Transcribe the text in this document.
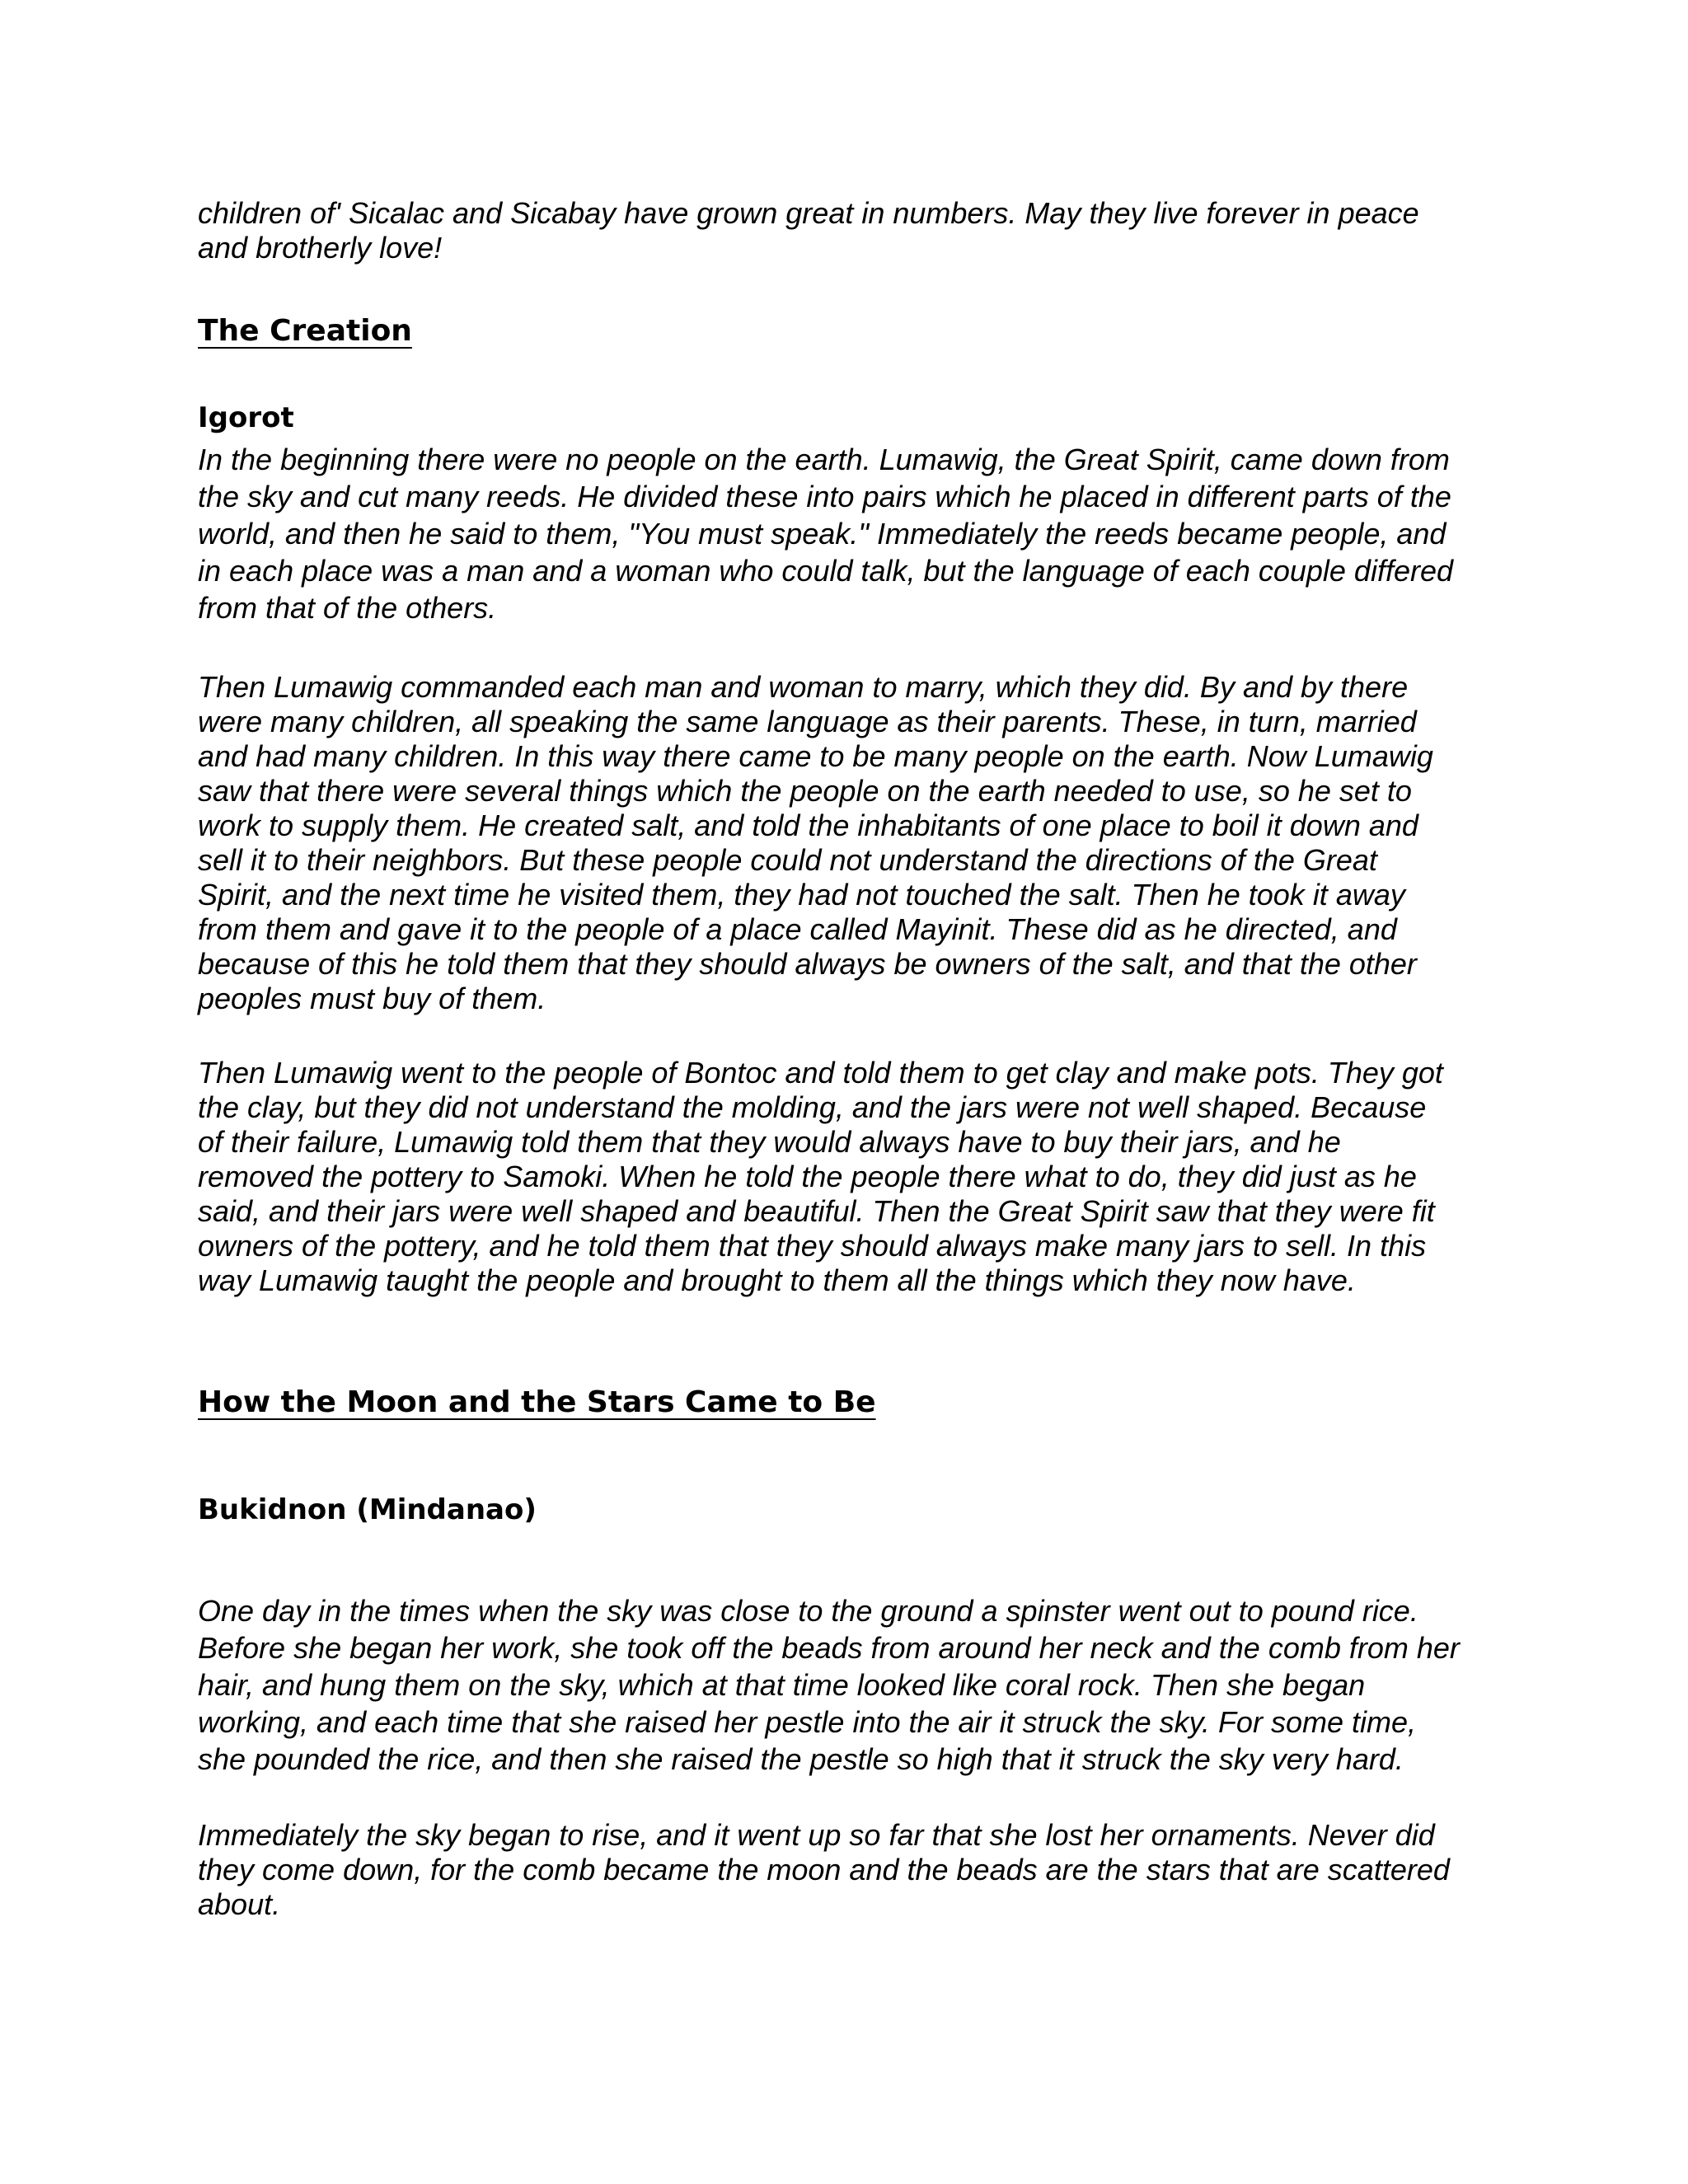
children of' Sicalac and Sicabay have grown great in numbers. May they live forever in peace
and brotherly love!

The Creation
Igorot

In the beginning there were no people on the earth. Lumawig, the Great Spirit, came down from
the sky and cut many reeds. He divided these into pairs which he placed in different parts of the
world, and then he said to them, "You must speak." Immediately the reeds became people, and
in each place was a man and a woman who could talk, but the language of each couple differed
from that of the others.

Then Lumawig commanded each man and woman to marry, which they did. By and by there
were many children, all speaking the same language as their parents. These, in turn, married
and had many children. In this way there came to be many people on the earth. Now Lumawig
saw that there were several things which the people on the earth needed to use, so he set to
work to supply them. He created salt, and told the inhabitants of one place to boil it down and
sell it to their neighbors. But these people could not understand the directions of the Great
Spirit, and the next time he visited them, they had not touched the salt. Then he took it away
from them and gave it to the people of a place called Mayinit. These did as he directed, and
because of this he told them that they should always be owners of the salt, and that the other
peoples must buy of them.

Then Lumawig went to the people of Bontoc and told them to get clay and make pots. They got
the clay, but they did not understand the molding, and the jars were not well shaped. Because
of their failure, Lumawig told them that they would always have to buy their jars, and he
removed the pottery to Samoki. When he told the people there what to do, they did just as he
said, and their jars were well shaped and beautiful. Then the Great Spirit saw that they were fit
owners of the pottery, and he told them that they should always make many jars to sell. In this
way Lumawig taught the people and brought to them all the things which they now have.

How the Moon and the Stars Came to Be
Bukidnon (Mindanao)

One day in the times when the sky was close to the ground a spinster went out to pound rice.
Before she began her work, she took off the beads from around her neck and the comb from her
hair, and hung them on the sky, which at that time looked like coral rock. Then she began
working, and each time that she raised her pestle into the air it struck the sky. For some time,
she pounded the rice, and then she raised the pestle so high that it struck the sky very hard.

Immediately the sky began to rise, and it went up so far that she lost her ornaments. Never did
they come down, for the comb became the moon and the beads are the stars that are scattered
about.
